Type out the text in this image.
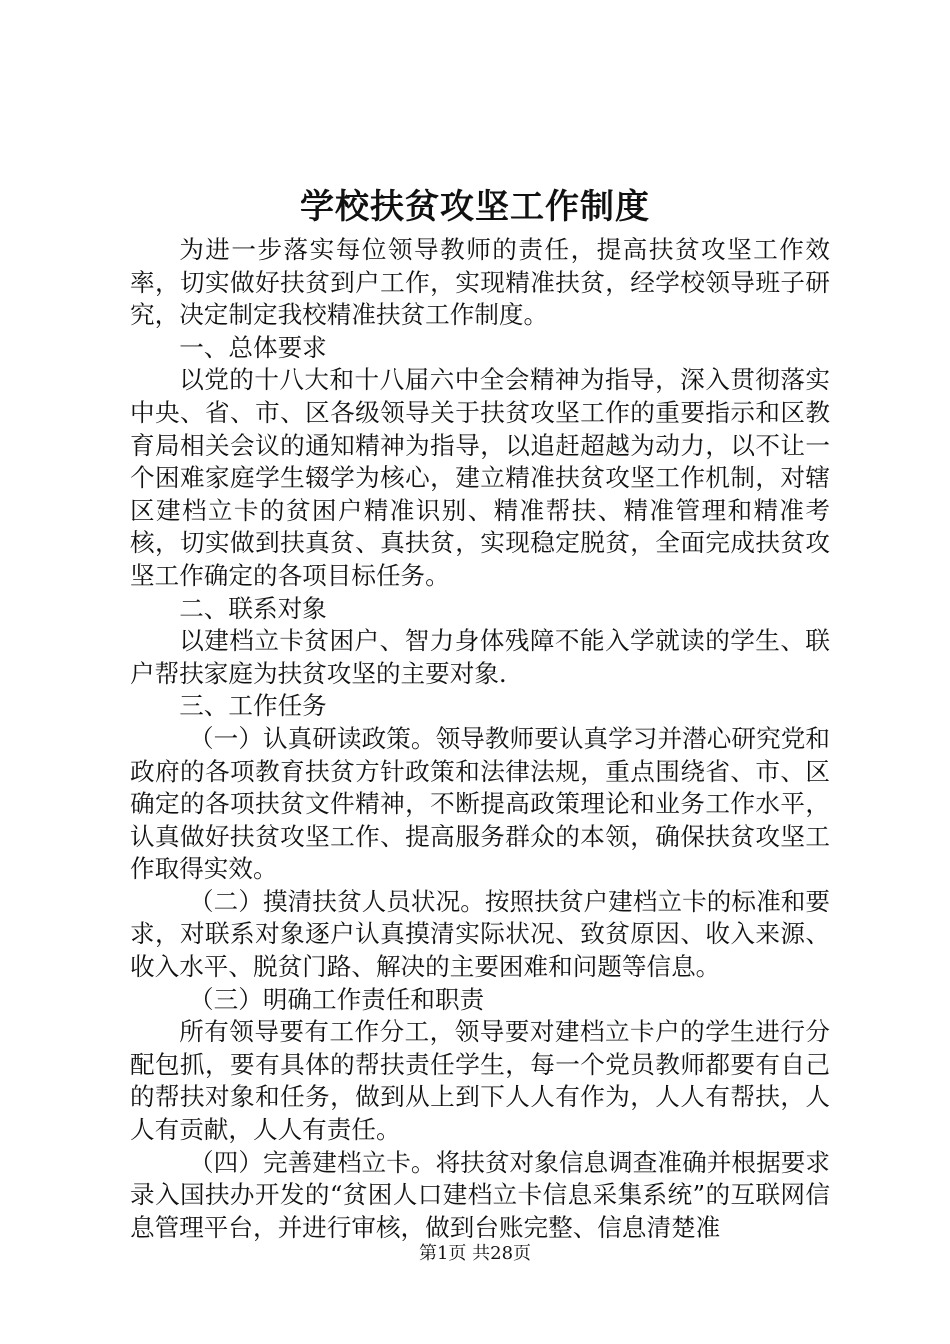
学校扶贫攻坚工作制度

为进一步落实每位领导教师的责任，提高扶贫攻坚工作效率，切实做好扶贫到户工作，实现精准扶贫，经学校领导班子研究，决定制定我校精准扶贫工作制度。

一、总体要求

以党的十八大和十八届六中全会精神为指导，深入贯彻落实中央、省、市、区各级领导关于扶贫攻坚工作的重要指示和区教育局相关会议的通知精神为指导，以追赶超越为动力，以不让一个困难家庭学生辍学为核心，建立精准扶贫攻坚工作机制，对辖区建档立卡的贫困户精准识别、精准帮扶、精准管理和精准考核，切实做到扶真贫、真扶贫，实现稳定脱贫，全面完成扶贫攻坚工作确定的各项目标任务。

二、联系对象

以建档立卡贫困户、智力身体残障不能入学就读的学生、联户帮扶家庭为扶贫攻坚的主要对象.

三、工作任务

（一）认真研读政策。领导教师要认真学习并潜心研究党和政府的各项教育扶贫方针政策和法律法规，重点围绕省、市、区确定的各项扶贫文件精神，不断提高政策理论和业务工作水平，认真做好扶贫攻坚工作、提高服务群众的本领，确保扶贫攻坚工作取得实效。

（二）摸清扶贫人员状况。按照扶贫户建档立卡的标准和要求，对联系对象逐户认真摸清实际状况、致贫原因、收入来源、收入水平、脱贫门路、解决的主要困难和问题等信息。

（三）明确工作责任和职责

所有领导要有工作分工，领导要对建档立卡户的学生进行分配包抓，要有具体的帮扶责任学生，每一个党员教师都要有自己的帮扶对象和任务，做到从上到下人人有作为，人人有帮扶，人人有贡献，人人有责任。

（四）完善建档立卡。将扶贫对象信息调查准确并根据要求录入国扶办开发的“贫困人口建档立卡信息采集系统”的互联网信息管理平台，并进行审核，做到台账完整、信息清楚准

第1页 共28页
